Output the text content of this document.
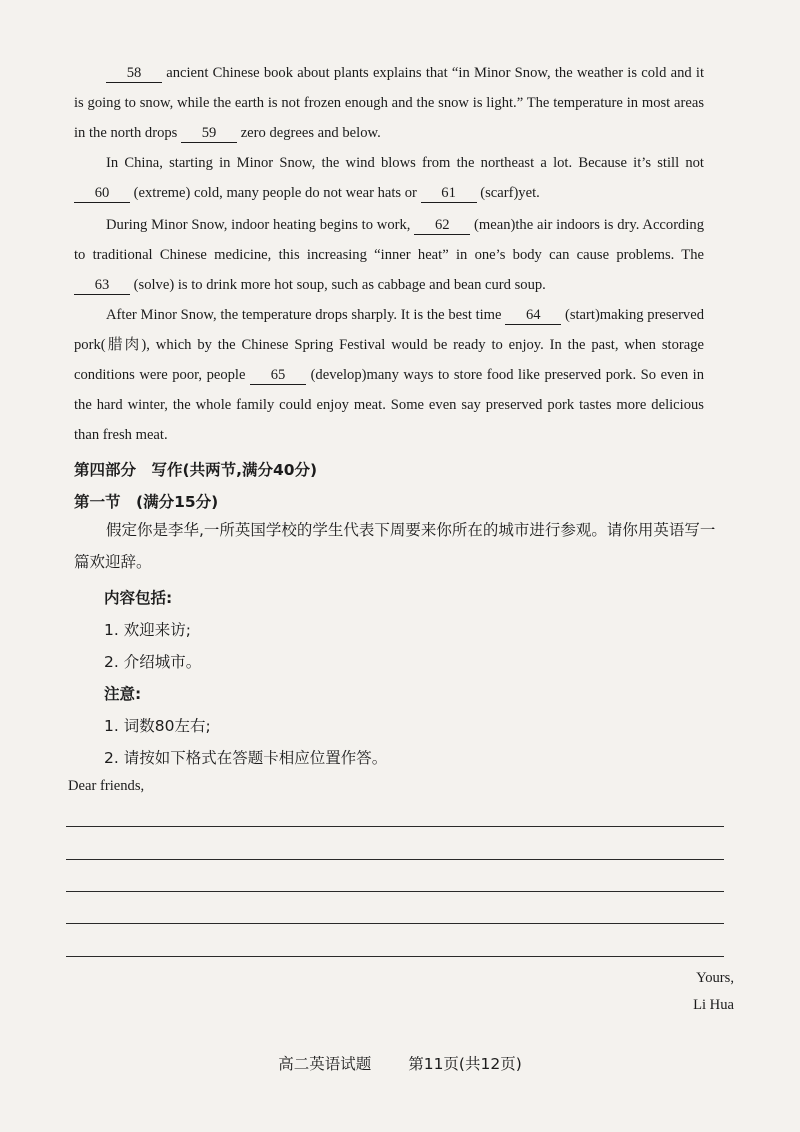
58 ancient Chinese book about plants explains that “in Minor Snow, the weather is cold and it is going to snow, while the earth is not frozen enough and the snow is light.” The temperature in most areas in the north drops 59 zero degrees and below.
In China, starting in Minor Snow, the wind blows from the northeast a lot. Because it’s still not 60 (extreme) cold, many people do not wear hats or 61 (scarf)yet.
During Minor Snow, indoor heating begins to work, 62 (mean)the air indoors is dry. According to traditional Chinese medicine, this increasing “inner heat” in one’s body can cause problems. The 63 (solve) is to drink more hot soup, such as cabbage and bean curd soup.
After Minor Snow, the temperature drops sharply. It is the best time 64 (start)making preserved pork(腊肉), which by the Chinese Spring Festival would be ready to enjoy. In the past, when storage conditions were poor, people 65 (develop)many ways to store food like preserved pork. So even in the hard winter, the whole family could enjoy meat. Some even say preserved pork tastes more delicious than fresh meat.
第四部分　写作(共两节,满分40分)
第一节　(满分15分)
假定你是李华,一所英国学校的学生代表下周要来你所在的城市进行参观。请你用英语写一篇欢迎辞。
内容包括:
1. 欢迎来访;
2. 介绍城市。
注意:
1. 词数80左右;
2. 请按如下格式在答题卡相应位置作答。
Dear friends,
Yours,
Li Hua
高二英语试题 第11页(共12页)
